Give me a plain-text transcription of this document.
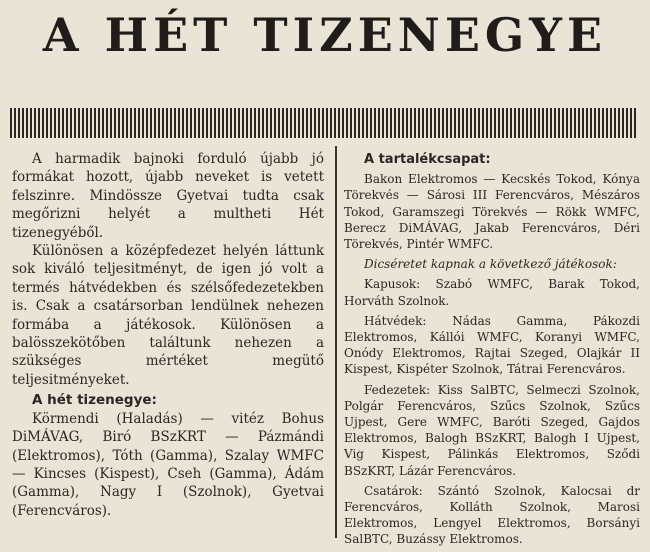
A HÉT TIZENEGYE

A harmadik bajnoki forduló újabb jó formákat hozott, újabb neveket is vetett felszinre. Mindössze Gyetvai tudta csak megőrizni helyét a multheti Hét tizenegyéből.

Különösen a középfedezet helyén láttunk sok kiváló teljesitményt, de igen jó volt a termés hátvédekben és szélsőfedezetekben is. Csak a csatársorban lendülnek nehezen formába a játékosok. Különösen a balösszekötőben találtunk nehezen a szükséges mértéket megütő teljesitményeket.

A hét tizenegye:

Körmendi (Haladás) — vitéz Bohus DiMÁVAG, Biró BSzKRT — Pázmándi (Elektromos), Tóth (Gamma), Szalay WMFC — Kincses (Kispest), Cseh (Gamma), Ádám (Gamma), Nagy I (Szolnok), Gyetvai (Ferencváros).

A tartalékcsapat:

Bakon Elektromos — Kecskés Tokod, Kónya Törekvés — Sárosi III Ferencváros, Mészáros Tokod, Garamszegi Törekvés — Rökk WMFC, Berecz DiMÁVAG, Jakab Ferencváros, Déri Törekvés, Pintér WMFC.

Dicséretet kapnak a következő játékosok:

Kapusok: Szabó WMFC, Barak Tokod, Horváth Szolnok.

Hátvédek: Nádas Gamma, Pákozdi Elektromos, Kállói WMFC, Koranyi WMFC, Onódy Elektromos, Rajtai Szeged, Olajkár II Kispest, Kispéter Szolnok, Tátrai Ferencváros.

Fedezetek: Kiss SalBTC, Selmeczi Szolnok, Polgár Ferencváros, Szűcs Szolnok, Szűcs Ujpest, Gere WMFC, Baróti Szeged, Gajdos Elektromos, Balogh BSzKRT, Balogh I Ujpest, Vig Kispest, Pálinkás Elektromos, Sződi BSzKRT, Lázár Ferencváros.

Csatárok: Szántó Szolnok, Kalocsai dr Ferencváros, Kolláth Szolnok, Marosi Elektromos, Lengyel Elektromos, Borsányi SalBTC, Buzássy Elektromos.
